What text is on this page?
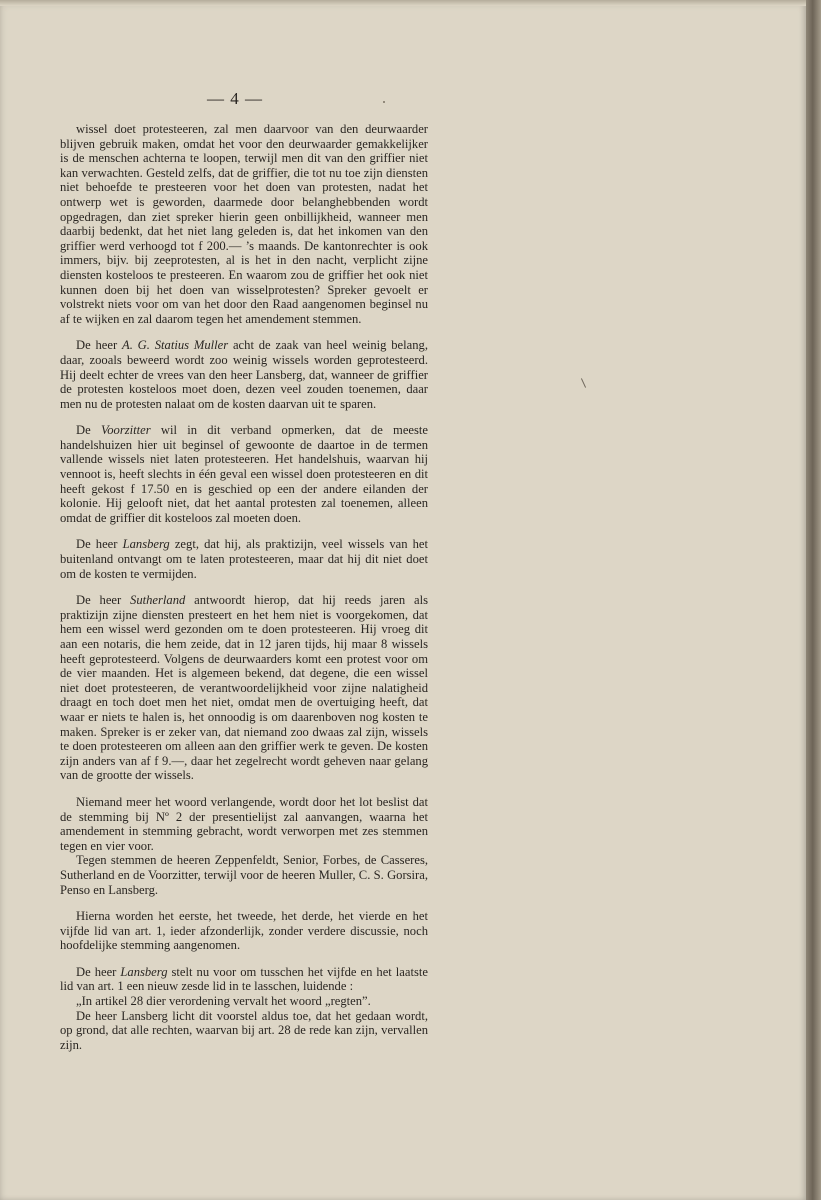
— 4 —

wissel doet protesteeren, zal men daarvoor van den deurwaarder blijven gebruik maken, omdat het voor den deurwaarder gemakkelijker is de menschen achterna te loopen, terwijl men dit van den griffier niet kan verwachten. Gesteld zelfs, dat de griffier, die tot nu toe zijn diensten niet behoefde te presteeren voor het doen van protesten, nadat het ontwerp wet is geworden, daarmede door belanghebbenden wordt opgedragen, dan ziet spreker hierin geen onbillijkheid, wanneer men daarbij bedenkt, dat het niet lang geleden is, dat het inkomen van den griffier werd verhoogd tot f 200.— ’s maands. De kantonrechter is ook immers, bijv. bij zeeprotesten, al is het in den nacht, verplicht zijne diensten kosteloos te presteeren. En waarom zou de griffier het ook niet kunnen doen bij het doen van wisselprotesten? Spreker gevoelt er volstrekt niets voor om van het door den Raad aangenomen beginsel nu af te wijken en zal daarom tegen het amendement stemmen.

De heer A. G. Statius Muller acht de zaak van heel weinig belang, daar, zooals beweerd wordt zoo weinig wissels worden geprotesteerd. Hij deelt echter de vrees van den heer Lansberg, dat, wanneer de griffier de protesten kosteloos moet doen, dezen veel zouden toenemen, daar men nu de protesten nalaat om de kosten daarvan uit te sparen.

De Voorzitter wil in dit verband opmerken, dat de meeste handelshuizen hier uit beginsel of gewoonte de daartoe in de termen vallende wissels niet laten protesteeren. Het handelshuis, waarvan hij vennoot is, heeft slechts in één geval een wissel doen protesteeren en dit heeft gekost f 17.50 en is geschied op een der andere eilanden der kolonie. Hij gelooft niet, dat het aantal protesten zal toenemen, alleen omdat de griffier dit kosteloos zal moeten doen.

De heer Lansberg zegt, dat hij, als praktizijn, veel wissels van het buitenland ontvangt om te laten protesteeren, maar dat hij dit niet doet om de kosten te vermijden.

De heer Sutherland antwoordt hierop, dat hij reeds jaren als praktizijn zijne diensten presteert en het hem niet is voorgekomen, dat hem een wissel werd gezonden om te doen protesteeren. Hij vroeg dit aan een notaris, die hem zeide, dat in 12 jaren tijds, hij maar 8 wissels heeft geprotesteerd. Volgens de deurwaarders komt een protest voor om de vier maanden. Het is algemeen bekend, dat degene, die een wissel niet doet protesteeren, de verantwoordelijkheid voor zijne nalatigheid draagt en toch doet men het niet, omdat men de overtuiging heeft, dat waar er niets te halen is, het onnoodig is om daarenboven nog kosten te maken. Spreker is er zeker van, dat niemand zoo dwaas zal zijn, wissels te doen protesteeren om alleen aan den griffier werk te geven. De kosten zijn anders van af f 9.—, daar het zegelrecht wordt geheven naar gelang van de grootte der wissels.

Niemand meer het woord verlangende, wordt door het lot beslist dat de stemming bij Nº 2 der presentielijst zal aanvangen, waarna het amendement in stemming gebracht, wordt verworpen met zes stemmen tegen en vier voor.

Tegen stemmen de heeren Zeppenfeldt, Senior, Forbes, de Casseres, Sutherland en de Voorzitter, terwijl voor de heeren Muller, C. S. Gorsira, Penso en Lansberg.

Hierna worden het eerste, het tweede, het derde, het vierde en het vijfde lid van art. 1, ieder afzonderlijk, zonder verdere discussie, noch hoofdelijke stemming aangenomen.

De heer Lansberg stelt nu voor om tusschen het vijfde en het laatste lid van art. 1 een nieuw zesde lid in te lasschen, luidende :

„In artikel 28 dier verordening vervalt het woord „regten”.

De heer Lansberg licht dit voorstel aldus toe, dat het gedaan wordt, op grond, dat alle rechten, waarvan bij art. 28 de rede kan zijn, vervallen zijn.
